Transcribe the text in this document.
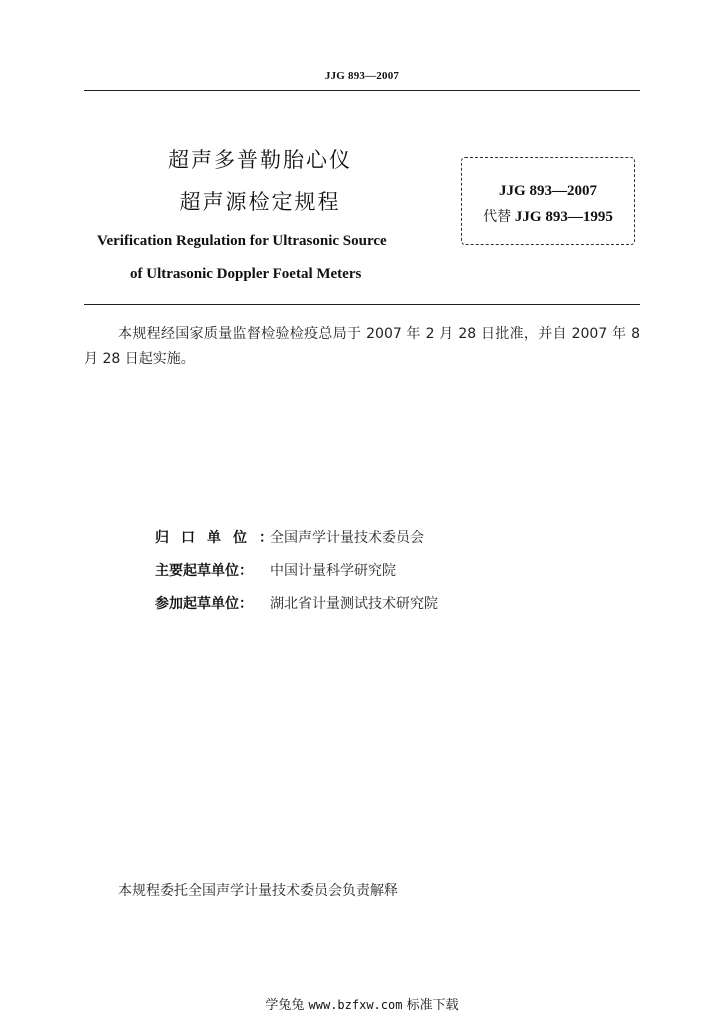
JJG 893—2007
超声多普勒胎心仪
超声源检定规程	JJG 893—2007
代替 JJG 893—1995
Verification Regulation for Ultrasonic Source
of Ultrasonic Doppler Foetal Meters
本规程经国家质量监督检验检疫总局于 2007 年 2 月 28 日批准，并自 2007 年 8 月 28 日起实施。
归口单位：全国声学计量技术委员会
主要起草单位： 中国计量科学研究院
参加起草单位： 湖北省计量测试技术研究院
本规程委托全国声学计量技术委员会负责解释
学兔兔 www.bzfxw.com 标准下载
